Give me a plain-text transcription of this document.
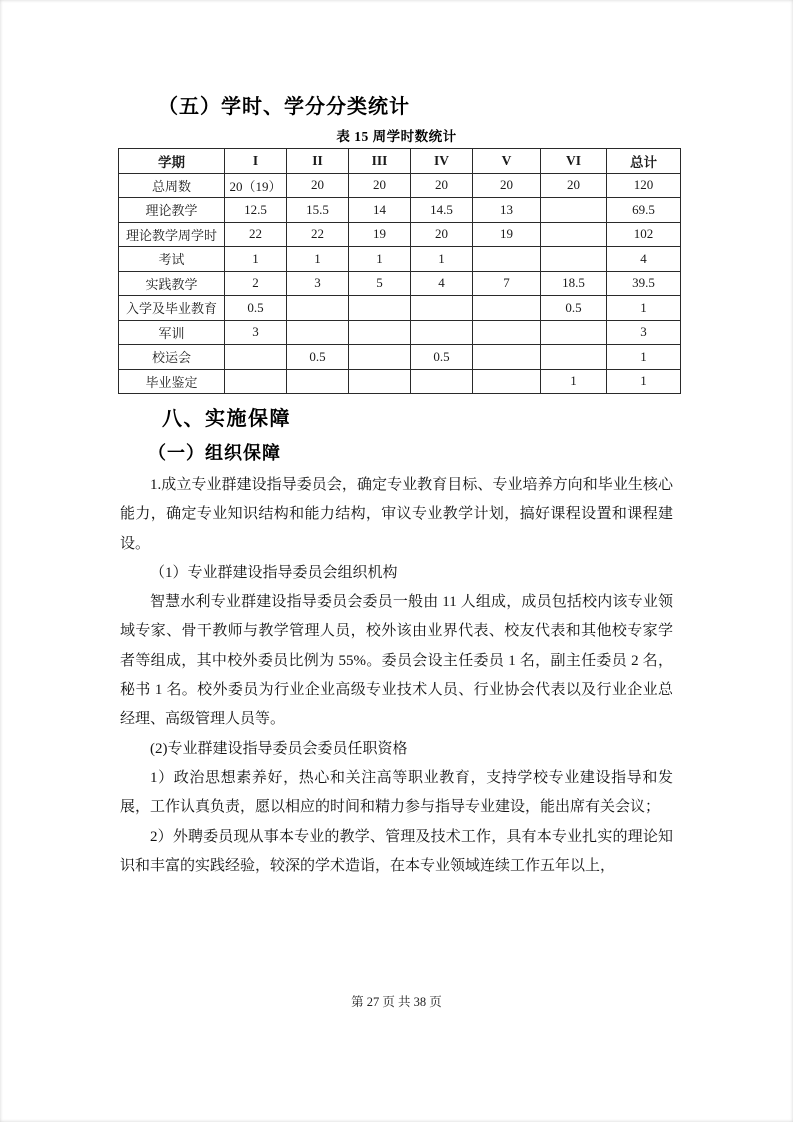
（五）学时、学分分类统计
表 15 周学时数统计
学期	I	II	III	IV	V	VI	总计
总周数	20（19）	20	20	20	20	20	120
理论教学	12.5	15.5	14	14.5	13		69.5
理论教学周学时	22	22	19	20	19		102
考试	1	1	1	1			4
实践教学	2	3	5	4	7	18.5	39.5
入学及毕业教育	0.5					0.5	1
军训	3						3
校运会		0.5		0.5			1
毕业鉴定						1	1
八、实施保障
（一）组织保障

1.成立专业群建设指导委员会，确定专业教育目标、专业培养方向和毕业生核心能力，确定专业知识结构和能力结构，审议专业教学计划，搞好课程设置和课程建设。

（1）专业群建设指导委员会组织机构

智慧水利专业群建设指导委员会委员一般由 11 人组成，成员包括校内该专业领域专家、骨干教师与教学管理人员，校外该由业界代表、校友代表和其他校专家学者等组成，其中校外委员比例为 55%。委员会设主任委员 1 名，副主任委员 2 名，秘书 1 名。校外委员为行业企业高级专业技术人员、行业协会代表以及行业企业总经理、高级管理人员等。

(2)专业群建设指导委员会委员任职资格

1）政治思想素养好，热心和关注高等职业教育，支持学校专业建设指导和发展，工作认真负责，愿以相应的时间和精力参与指导专业建设，能出席有关会议；

2）外聘委员现从事本专业的教学、管理及技术工作，具有本专业扎实的理论知识和丰富的实践经验，较深的学术造诣，在本专业领域连续工作五年以上，

第 27 页 共 38 页
